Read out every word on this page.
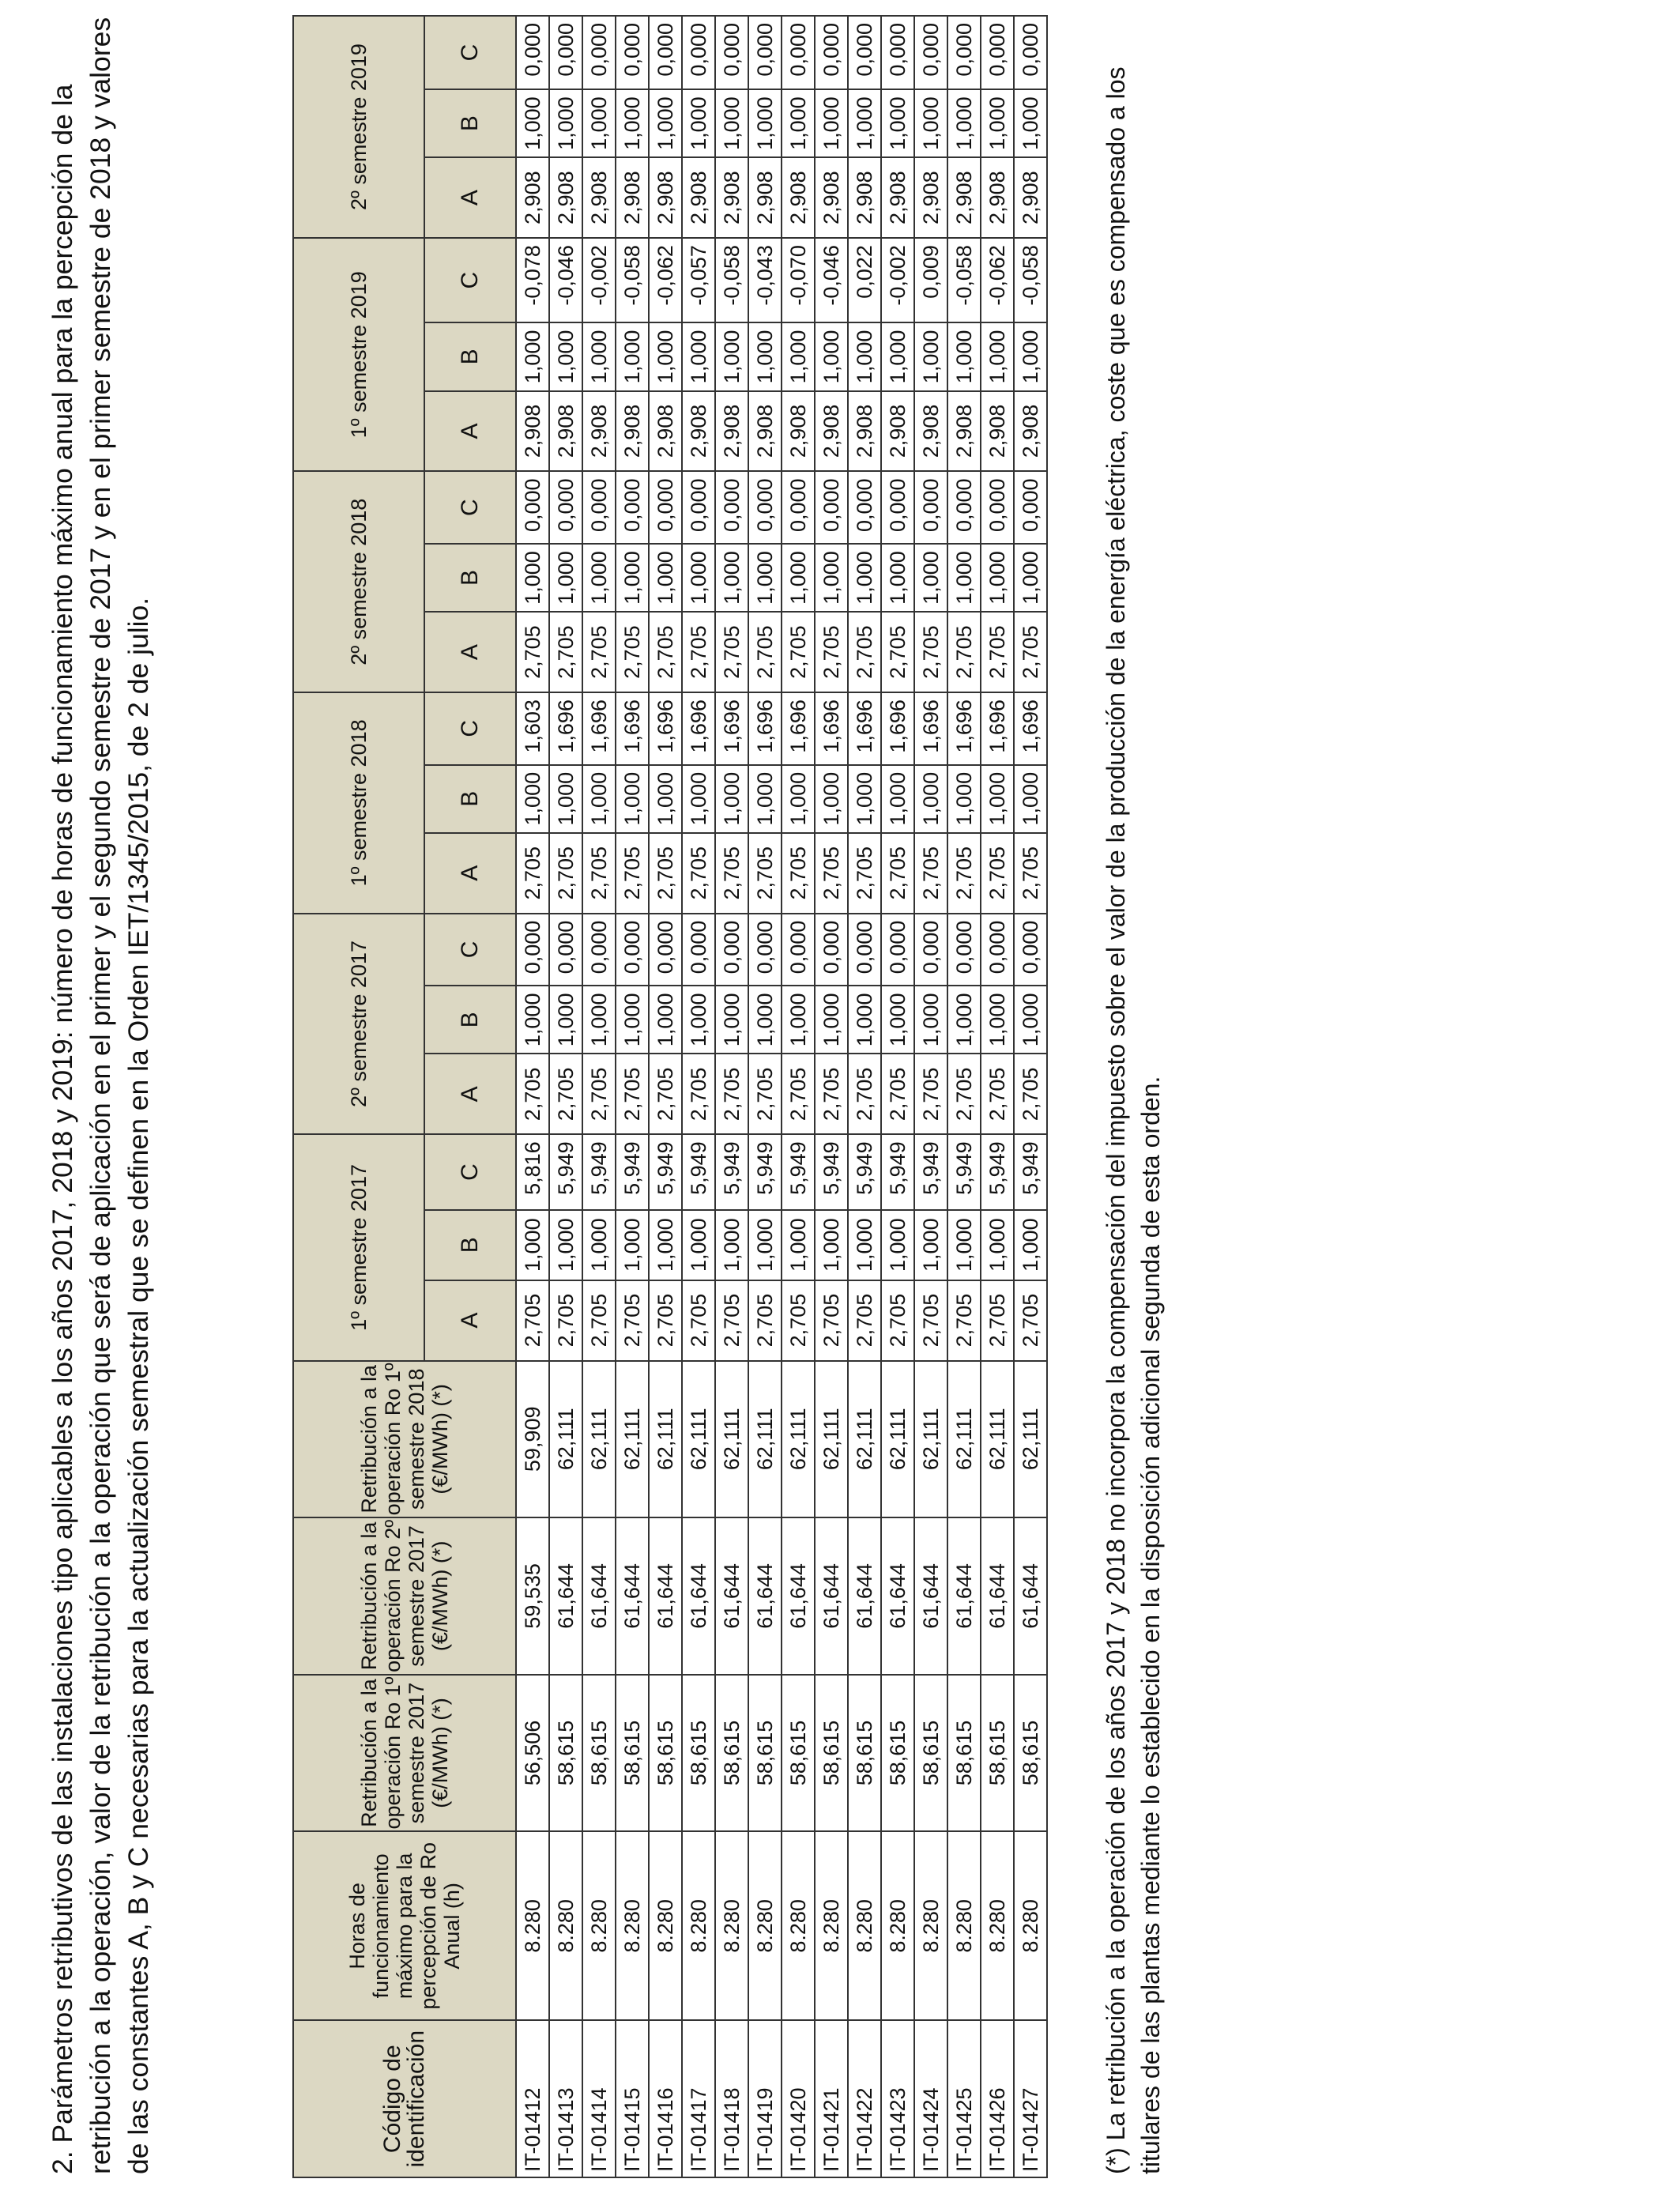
2. Parámetros retributivos de las instalaciones tipo aplicables a los años 2017, 2018 y 2019: número de horas de funcionamiento máximo anual para la percepción de la retribución a la operación, valor de la retribución a la operación que será de aplicación en el primer y el segundo semestre de 2017 y en el primer semestre de 2018 y valores de las constantes A, B y C necesarias para la actualización semestral que se definen en la Orden IET/1345/2015, de 2 de julio.	Código de identificación	Horas de funcionamiento máximo para la percepción de Ro Anual (h)	Retribución a la operación Ro 1º semestre 2017 (€/MWh) (*)	Retribución a la operación Ro 2º semestre 2017 (€/MWh) (*)	Retribución a la operación Ro 1º semestre 2018 (€/MWh) (*)	1º semestre 2017			2º semestre 2017			1º semestre 2018			2º semestre 2018			1º semestre 2019			2º semestre 2019		
					A	B	C	A	B	C	A	B	C	A	B	C	A	B	C	A	B	C
IT-01412	8.280	56,506	59,535	59,909	2,705	1,000	5,816	2,705	1,000	0,000	2,705	1,000	1,603	2,705	1,000	0,000	2,908	1,000	-0,078	2,908	1,000	0,000
IT-01413	8.280	58,615	61,644	62,111	2,705	1,000	5,949	2,705	1,000	0,000	2,705	1,000	1,696	2,705	1,000	0,000	2,908	1,000	-0,046	2,908	1,000	0,000
IT-01414	8.280	58,615	61,644	62,111	2,705	1,000	5,949	2,705	1,000	0,000	2,705	1,000	1,696	2,705	1,000	0,000	2,908	1,000	-0,002	2,908	1,000	0,000
IT-01415	8.280	58,615	61,644	62,111	2,705	1,000	5,949	2,705	1,000	0,000	2,705	1,000	1,696	2,705	1,000	0,000	2,908	1,000	-0,058	2,908	1,000	0,000
IT-01416	8.280	58,615	61,644	62,111	2,705	1,000	5,949	2,705	1,000	0,000	2,705	1,000	1,696	2,705	1,000	0,000	2,908	1,000	-0,062	2,908	1,000	0,000
IT-01417	8.280	58,615	61,644	62,111	2,705	1,000	5,949	2,705	1,000	0,000	2,705	1,000	1,696	2,705	1,000	0,000	2,908	1,000	-0,057	2,908	1,000	0,000
IT-01418	8.280	58,615	61,644	62,111	2,705	1,000	5,949	2,705	1,000	0,000	2,705	1,000	1,696	2,705	1,000	0,000	2,908	1,000	-0,058	2,908	1,000	0,000
IT-01419	8.280	58,615	61,644	62,111	2,705	1,000	5,949	2,705	1,000	0,000	2,705	1,000	1,696	2,705	1,000	0,000	2,908	1,000	-0,043	2,908	1,000	0,000
IT-01420	8.280	58,615	61,644	62,111	2,705	1,000	5,949	2,705	1,000	0,000	2,705	1,000	1,696	2,705	1,000	0,000	2,908	1,000	-0,070	2,908	1,000	0,000
IT-01421	8.280	58,615	61,644	62,111	2,705	1,000	5,949	2,705	1,000	0,000	2,705	1,000	1,696	2,705	1,000	0,000	2,908	1,000	-0,046	2,908	1,000	0,000
IT-01422	8.280	58,615	61,644	62,111	2,705	1,000	5,949	2,705	1,000	0,000	2,705	1,000	1,696	2,705	1,000	0,000	2,908	1,000	0,022	2,908	1,000	0,000
IT-01423	8.280	58,615	61,644	62,111	2,705	1,000	5,949	2,705	1,000	0,000	2,705	1,000	1,696	2,705	1,000	0,000	2,908	1,000	-0,002	2,908	1,000	0,000
IT-01424	8.280	58,615	61,644	62,111	2,705	1,000	5,949	2,705	1,000	0,000	2,705	1,000	1,696	2,705	1,000	0,000	2,908	1,000	0,009	2,908	1,000	0,000
IT-01425	8.280	58,615	61,644	62,111	2,705	1,000	5,949	2,705	1,000	0,000	2,705	1,000	1,696	2,705	1,000	0,000	2,908	1,000	-0,058	2,908	1,000	0,000
IT-01426	8.280	58,615	61,644	62,111	2,705	1,000	5,949	2,705	1,000	0,000	2,705	1,000	1,696	2,705	1,000	0,000	2,908	1,000	-0,062	2,908	1,000	0,000
IT-01427	8.280	58,615	61,644	62,111	2,705	1,000	5,949	2,705	1,000	0,000	2,705	1,000	1,696	2,705	1,000	0,000	2,908	1,000	-0,058	2,908	1,000	0,000

(*) La retribución a la operación de los años 2017 y 2018 no incorpora la compensación del impuesto sobre el valor de la producción de la energía eléctrica, coste que es compensado a los titulares de las plantas mediante lo establecido en la disposición adicional segunda de esta orden.
